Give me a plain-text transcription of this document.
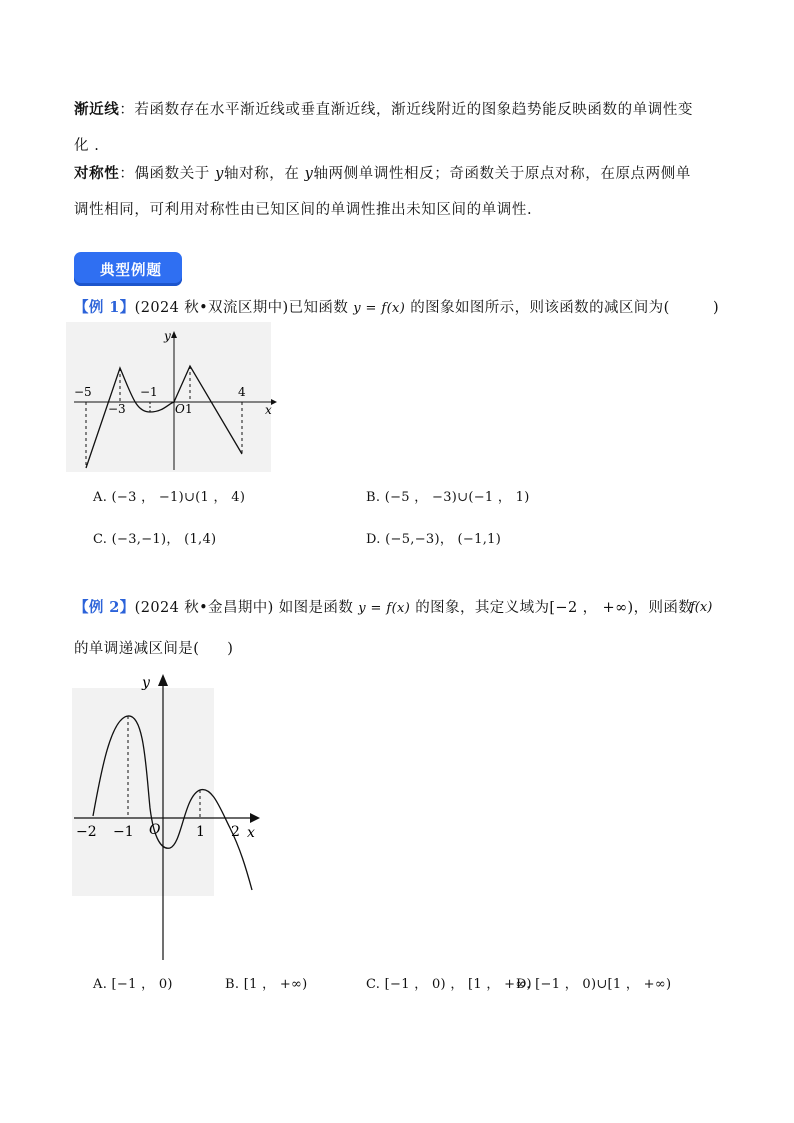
渐近线：若函数存在水平渐近线或垂直渐近线，渐近线附近的图象趋势能反映函数的单调性变
化 .
对称性：偶函数关于 y轴对称，在 y轴两侧单调性相反；奇函数关于原点对称，在原点两侧单
调性相同，可利用对称性由已知区间的单调性推出未知区间的单调性.
典型例题
【例 1】(2024 秋•双流区期中)已知函数 y = f(x) 的图象如图所示，则该函数的减区间为(	)
y
x
−5
−3
−1
O 1
4
A. (−3 ， −1)∪(1 ， 4)	B. (−5 ， −3)∪(−1 ， 1)
C. (−3,−1)， (1,4)	D. (−5,−3)， (−1,1)
【例 2】(2024 秋•金昌期中) 如图是函数 y = f(x) 的图象，其定义域为[−2 ， +∞)，则函数
f(x)
的单调递减区间是( )
y
x
−2 −1 O	1 2
A. [−1 ， 0)	B. [1 ， +∞)	C. [−1 ， 0) ， [1 ， +∞)
D. [−1 ， 0)∪[1 ， +∞)
